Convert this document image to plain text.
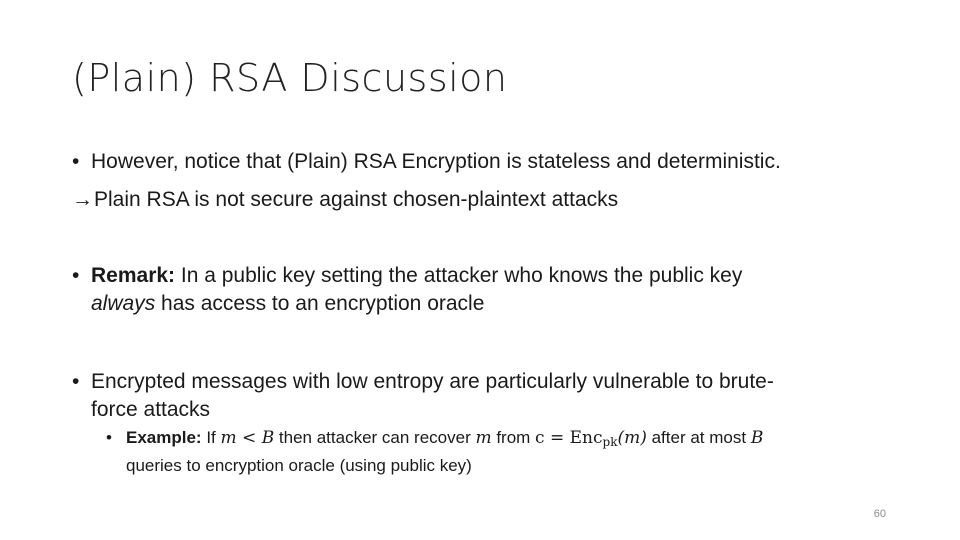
(Plain) RSA Discussion
• However, notice that (Plain) RSA Encryption is stateless and deterministic.
→Plain RSA is not secure against chosen-plaintext attacks
• Remark: In a public key setting the attacker who knows the public key
always has access to an encryption oracle
• Encrypted messages with low entropy are particularly vulnerable to brute-
force attacks
• Example: If m < B then attacker can recover m from c = Enc$_{pk}$(m) after at most B
queries to encryption oracle (using public key)
60
